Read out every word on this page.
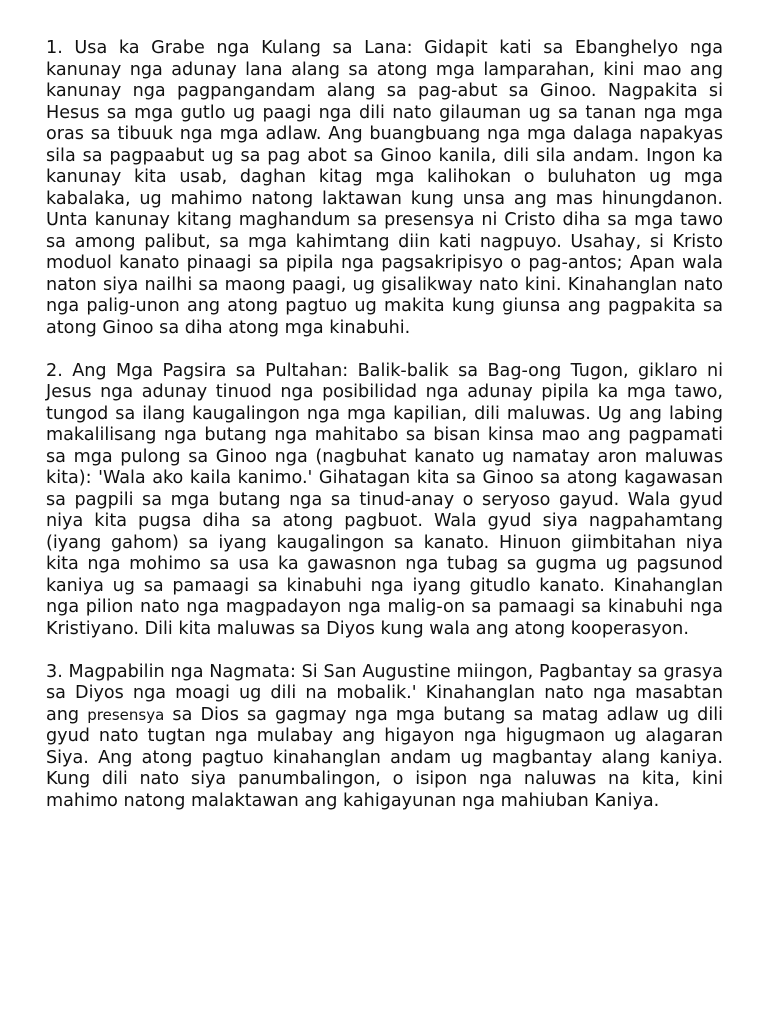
1. Usa ka Grabe nga Kulang sa Lana: Gidapit kati sa Ebanghelyo nga kanunay nga adunay lana alang sa atong mga lamparahan, kini mao ang kanunay nga pagpangandam alang sa pag-abut sa Ginoo. Nagpakita si Hesus sa mga gutlo ug paagi nga dili nato gilauman ug sa tanan nga mga oras sa tibuuk nga mga adlaw. Ang buangbuang nga mga dalaga napakyas sila sa pagpaabut ug sa pag abot sa Ginoo kanila, dili sila andam. Ingon ka kanunay kita usab, daghan kitag mga kalihokan o buluhaton ug mga kabalaka, ug mahimo natong laktawan kung unsa ang mas hinungdanon. Unta kanunay kitang maghandum sa presensya ni Cristo diha sa mga tawo sa among palibut, sa mga kahimtang diin kati nagpuyo. Usahay, si Kristo moduol kanato pinaagi sa pipila nga pagsakripisyo o pag-antos; Apan wala naton siya nailhi sa maong paagi, ug gisalikway nato kini. Kinahanglan nato nga palig-unon ang atong pagtuo ug makita kung giunsa ang pagpakita sa atong Ginoo sa diha atong mga kinabuhi.

2. Ang Mga Pagsira sa Pultahan: Balik-balik sa Bag-ong Tugon, giklaro ni Jesus nga adunay tinuod nga posibilidad nga adunay pipila ka mga tawo, tungod sa ilang kaugalingon nga mga kapilian, dili maluwas. Ug ang labing makalilisang nga butang nga mahitabo sa bisan kinsa mao ang pagpamati sa mga pulong sa Ginoo nga (nagbuhat kanato ug namatay aron maluwas kita): 'Wala ako kaila kanimo.' Gihatagan kita sa Ginoo sa atong kagawasan sa pagpili sa mga butang nga sa tinud-anay o seryoso gayud. Wala gyud niya kita pugsa diha sa atong pagbuot. Wala gyud siya nagpahamtang (iyang gahom) sa iyang kaugalingon sa kanato. Hinuon giimbitahan niya kita nga mohimo sa usa ka gawasnon nga tubag sa gugma ug pagsunod kaniya ug sa pamaagi sa kinabuhi nga iyang gitudlo kanato. Kinahanglan nga pilion nato nga magpadayon nga malig-on sa pamaagi sa kinabuhi nga Kristiyano. Dili kita maluwas sa Diyos kung wala ang atong kooperasyon.

3. Magpabilin nga Nagmata: Si San Augustine miingon, Pagbantay sa grasya sa Diyos nga moagi ug dili na mobalik.' Kinahanglan nato nga masabtan ang presensya sa Dios sa gagmay nga mga butang sa matag adlaw ug dili gyud nato tugtan nga mulabay ang higayon nga higugmaon ug alagaran Siya. Ang atong pagtuo kinahanglan andam ug magbantay alang kaniya. Kung dili nato siya panumbalingon, o isipon nga naluwas na kita, kini mahimo natong malaktawan ang kahigayunan nga mahiuban Kaniya.
